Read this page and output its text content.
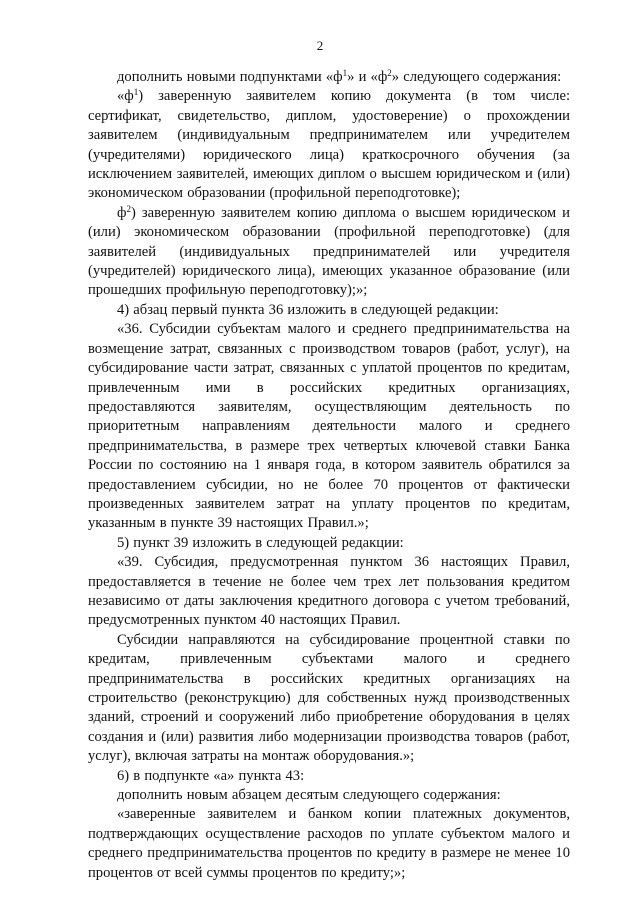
2

дополнить новыми подпунктами «$ф^1$» и «$ф^2$» следующего содержания:

«$ф^1$) заверенную заявителем копию документа (в том числе: сертификат, свидетельство, диплом, удостоверение) о прохождении заявителем (индивидуальным предпринимателем или учредителем (учредителями) юридического лица) краткосрочного обучения (за исключением заявителей, имеющих диплом о высшем юридическом и (или) экономическом образовании (профильной переподготовке);

$ф^2$) заверенную заявителем копию диплома о высшем юридическом и (или) экономическом образовании (профильной переподготовке) (для заявителей (индивидуальных предпринимателей или учредителя (учредителей) юридического лица), имеющих указанное образование (или прошедших профильную переподготовку);»;

4) абзац первый пункта 36 изложить в следующей редакции:

«36. Субсидии субъектам малого и среднего предпринимательства на возмещение затрат, связанных с производством товаров (работ, услуг), на субсидирование части затрат, связанных с уплатой процентов по кредитам, привлеченным ими в российских кредитных организациях, предоставляются заявителям, осуществляющим деятельность по приоритетным направлениям деятельности малого и среднего предпринимательства, в размере трех четвертых ключевой ставки Банка России по состоянию на 1 января года, в котором заявитель обратился за предоставлением субсидии, но не более 70 процентов от фактически произведенных заявителем затрат на уплату процентов по кредитам, указанным в пункте 39 настоящих Правил.»;

5) пункт 39 изложить в следующей редакции:

«39. Субсидия, предусмотренная пунктом 36 настоящих Правил, предоставляется в течение не более чем трех лет пользования кредитом независимо от даты заключения кредитного договора с учетом требований, предусмотренных пунктом 40 настоящих Правил.

Субсидии направляются на субсидирование процентной ставки по кредитам, привлеченным субъектами малого и среднего предпринимательства в российских кредитных организациях на строительство (реконструкцию) для собственных нужд производственных зданий, строений и сооружений либо приобретение оборудования в целях создания и (или) развития либо модернизации производства товаров (работ, услуг), включая затраты на монтаж оборудования.»;

6) в подпункте «а» пункта 43:

дополнить новым абзацем десятым следующего содержания:

«заверенные заявителем и банком копии платежных документов, подтверждающих осуществление расходов по уплате субъектом малого и среднего предпринимательства процентов по кредиту в размере не менее 10 процентов от всей суммы процентов по кредиту;»;
